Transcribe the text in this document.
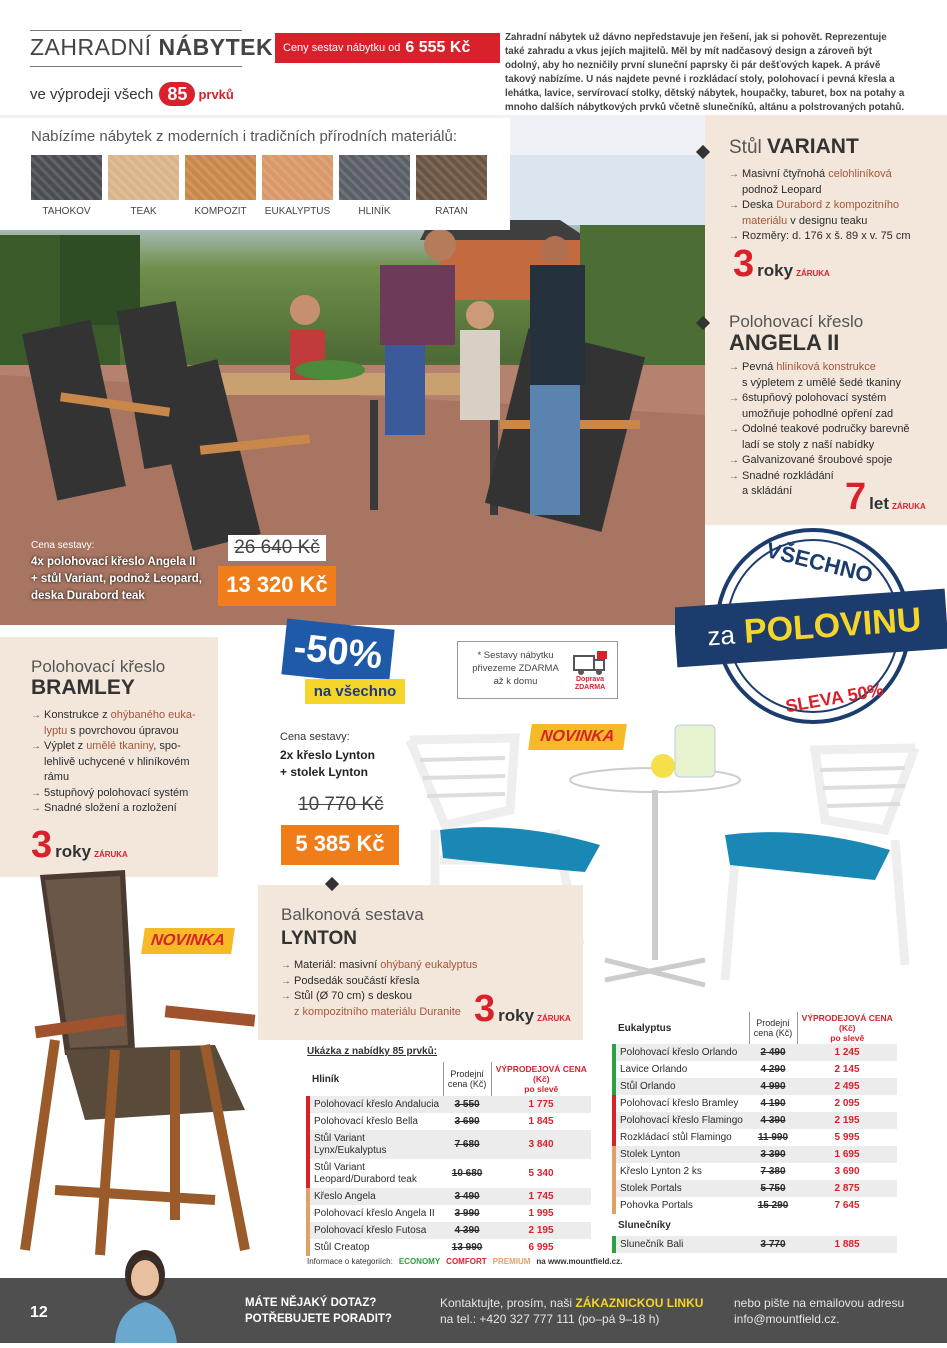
ZAHRADNÍ NÁBYTEK
ve výprodeji všech 85 prvků
Ceny sestav nábytku od 6 555 Kč
Zahradní nábytek už dávno nepředstavuje jen řešení, jak si pohovět. Reprezentuje také zahradu a vkus jejích majitelů. Měl by mít nadčasový design a zároveň být odolný, aby ho nezničily první sluneční paprsky či pár dešťových kapek. A právě takový nabízíme. U nás najdete pevné i rozkládací stoly, polohovací i pevná křesla a lehátka, lavice, servírovací stolky, dětský nábytek, houpačky, taburet, box na potahy a mnoho dalších nábytkových prvků včetně slunečníků, altánu a polstrovaných potahů.
Nabízíme nábytek z moderních i tradičních přírodních materiálů:
TAHOKOV	TEAK	KOMPOZIT	EUKALYPTUS	HLINÍK	RATAN
Stůl VARIANT
→ Masivní čtyřnohá celohliníková
podnož Leopard
→ Deska Durabord z kompozitního
materiálu v designu teaku
→ Rozměry: d. 176 x š. 89 x v. 75 cm
3 roky ZÁRUKA
Polohovací křeslo
ANGELA II
→ Pevná hliníková konstrukce
s výpletem z umělé šedé tkaniny
→ 6stupňový polohovací systém
umožňuje pohodlné opření zad
→ Odolné teakové područky barevně
ladí se stoly z naší nabídky
→ Galvanizované šroubové spoje
→ Snadné rozkládání
a skládání	7 let ZÁRUKA
Cena sestavy:
4x polohovací křeslo Angela II
+ stůl Variant, podnož Leopard,
deska Durabord teak
26 640 Kč
13 320 Kč	VŠECHNO
za POLOVINU
SLEVA 50%
Polohovací křeslo
BRAMLEY
→ Konstrukce z ohýbaného euka-
lyptu s povrchovou úpravou
→ Výplet z umělé tkaniny, spo-
lehlivě uchycené v hliníkovém
rámu
→ 5stupňový polohovací systém
→ Snadné složení a rozložení
3 roky ZÁRUKA
NOVINKA
-50%
na všechno
* Sestavy nábytku
přivezeme ZDARMA
až k domu	Doprava
ZDARMA
Cena sestavy:
2x křeslo Lynton
+ stolek Lynton
10 770 Kč
5 385 Kč
NOVINKA
Balkonová sestava
LYNTON
→ Materiál: masivní ohýbaný eukalyptus
→ Podsedák součástí křesla
→ Stůl (Ø 70 cm) s deskou
z kompozitního materiálu Duranite 3 roky ZÁRUKA
Ukázka z nabídky 85 prvků:
Hliník	Prodejní
cena (Kč)	VÝPRODEJOVÁ CENA (Kč)
po slevě
Polohovací křeslo Andalucia	3 550	1 775
Polohovací křeslo Bella	3 690	1 845
Stůl Variant
Lynx/Eukalyptus	7 680	3 840
Stůl Variant
Leopard/Durabord teak	10 680	5 340
Křeslo Angela	3 490	1 745
Polohovací křeslo Angela II	3 990	1 995
Polohovací křeslo Futosa	4 390	2 195
Stůl Creatop	13 990	6 995
Informace o kategoriích: ECONOMY COMFORT PREMIUM na www.mountfield.cz.
Eukalyptus	Prodejní
cena (Kč)	VÝPRODEJOVÁ CENA (Kč)
po slevě
Polohovací křeslo Orlando	2 490	1 245
Lavice Orlando	4 290	2 145
Stůl Orlando	4 990	2 495
Polohovací křeslo Bramley	4 190	2 095
Polohovací křeslo Flamingo	4 390	2 195
Rozkládací stůl Flamingo	11 990	5 995
Stolek Lynton	3 390	1 695
Křeslo Lynton 2 ks	7 380	3 690
Stolek Portals	5 750	2 875
Pohovka Portals	15 290	7 645
Slunečníky		
Slunečník Bali	3 770	1 885
12
MÁTE NĚJAKÝ DOTAZ?
POTŘEBUJETE PORADIT?
Kontaktujte, prosím, naši ZÁKAZNICKOU LINKU
na tel.: +420 327 777 111 (po–pá 9–18 h)
nebo pište na emailovou adresu
info@mountfield.cz.
